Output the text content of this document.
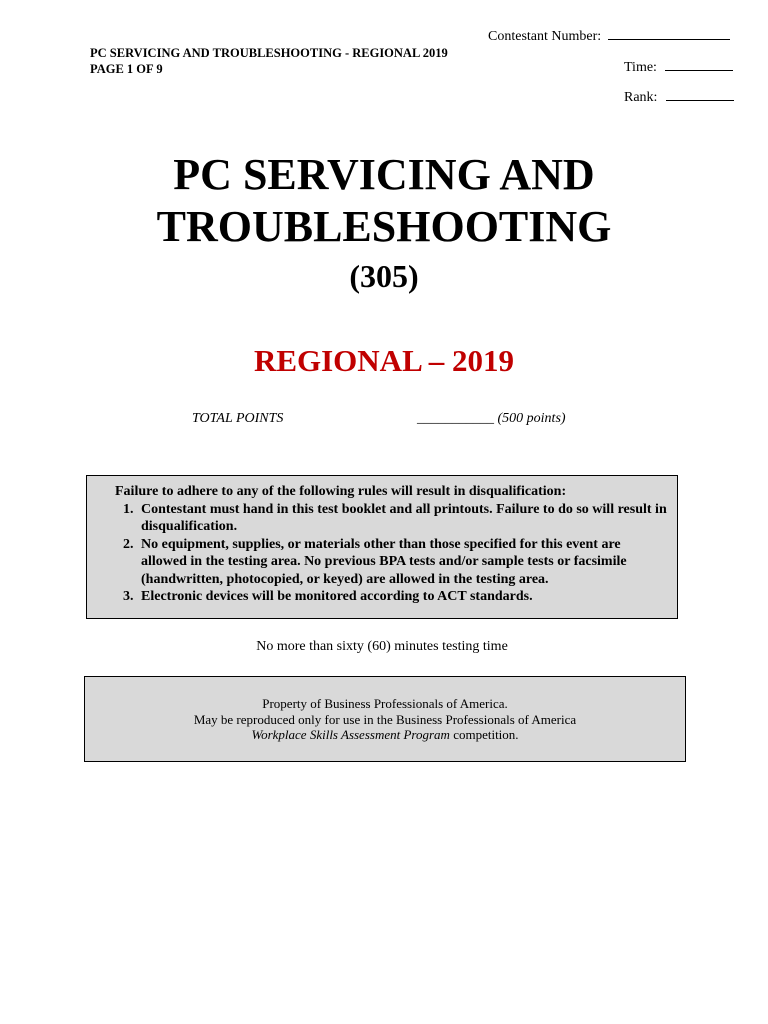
Contestant Number:
Time:
Rank:
PC SERVICING AND TROUBLESHOOTING - REGIONAL 2019
PAGE 1 OF 9
PC SERVICING AND
TROUBLESHOOTING
(305)
REGIONAL – 2019
TOTAL POINTS	___________ (500 points)
Failure to adhere to any of the following rules will result in disqualification:
1. Contestant must hand in this test booklet and all printouts. Failure to do so will result in disqualification.
2. No equipment, supplies, or materials other than those specified for this event are allowed in the testing area. No previous BPA tests and/or sample tests or facsimile (handwritten, photocopied, or keyed) are allowed in the testing area.
3. Electronic devices will be monitored according to ACT standards.
No more than sixty (60) minutes testing time
Property of Business Professionals of America.
May be reproduced only for use in the Business Professionals of America
Workplace Skills Assessment Program competition.
